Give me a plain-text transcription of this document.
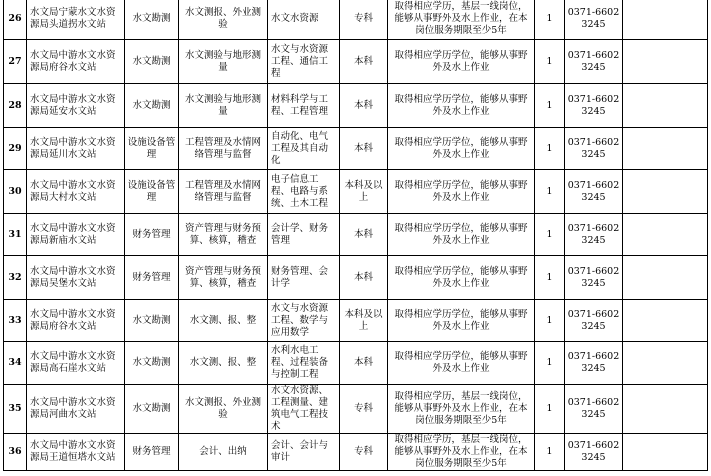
26	水文局宁蒙水文水资源局头道拐水文站	水文勘测	水文测报、外业测验	水文水资源	专科	取得相应学历，基层一线岗位，能够从事野外及水上作业，在本岗位服务期限至少5年	1	0371-66023245	
27	水文局中游水文水资源局府谷水文站	水文勘测	水文测验与地形测量	水文与水资源工程、通信工程	本科	取得相应学历学位，能够从事野外及水上作业	1	0371-66023245	
28	水文局中游水文水资源局延安水文站	水文勘测	水文测验与地形测量	材料科学与工程、工程管理	本科	取得相应学历学位，能够从事野外及水上作业	1	0371-66023245	
29	水文局中游水文水资源局延川水文站	设施设备管理	工程管理及水情网络管理与监督	自动化、电气工程及其自动化	本科	取得相应学历学位，能够从事野外及水上作业	1	0371-66023245	
30	水文局中游水文水资源局大村水文站	设施设备管理	工程管理及水情网络管理与监督	电子信息工程、电路与系统、土木工程	本科及以上	取得相应学历学位，能够从事野外及水上作业	1	0371-66023245	
31	水文局中游水文水资源局新庙水文站	财务管理	资产管理与财务预算、核算，稽查	会计学、财务管理	本科	取得相应学历学位，能够从事野外及水上作业	1	0371-66023245	
32	水文局中游水文水资源局吴堡水文站	财务管理	资产管理与财务预算、核算，稽查	财务管理、会计学	本科	取得相应学历学位，能够从事野外及水上作业	1	0371-66023245	
33	水文局中游水文水资源局府谷水文站	水文勘测	水文测、报、整	水文与水资源工程、数学与应用数学	本科及以上	取得相应学历学位，能够从事野外及水上作业	1	0371-66023245	
34	水文局中游水文水资源局高石崖水文站	水文勘测	水文测、报、整	水利水电工程、过程装备与控制工程	本科	取得相应学历学位，能够从事野外及水上作业	1	0371-66023245	
35	水文局中游水文水资源局河曲水文站	水文勘测	水文测报、外业测验	水文水资源、工程测量、建筑电气工程技术	专科	取得相应学历，基层一线岗位，能够从事野外及水上作业，在本岗位服务期限至少5年	1	0371-66023245	
36	水文局中游水文水资源局王道恒塔水文站	财务管理	会计、出纳	会计、会计与审计	专科	取得相应学历，基层一线岗位，能够从事野外及水上作业，在本岗位服务期限至少5年	1	0371-66023245	
